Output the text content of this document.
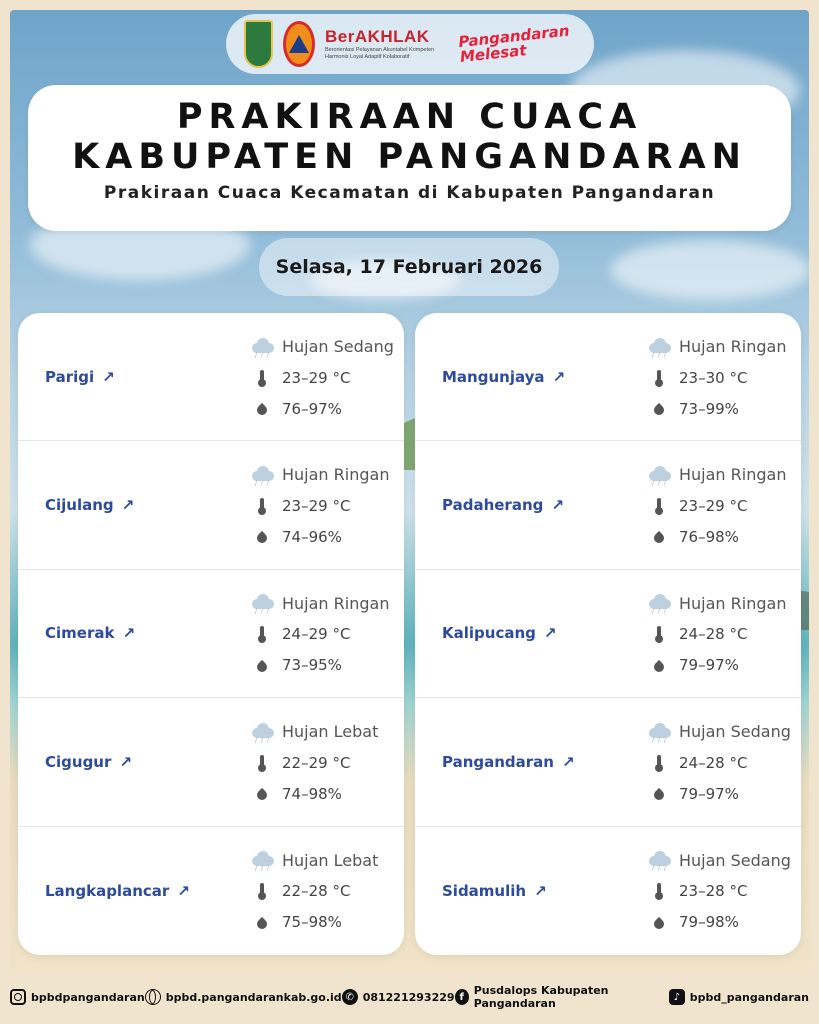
BerAKHLAK
Berorientasi Pelayanan Akuntabel Kompeten Harmonis Loyal Adaptif Kolaboratif
Pangandaran Melesat
PRAKIRAAN CUACA
KABUPATEN PANGANDARAN
Prakiraan Cuaca Kecamatan di Kabupaten Pangandaran
Selasa, 17 Februari 2026
Parigi ↗
/ / / Hujan Sedang
23–29 °C
76–97%
Cijulang ↗
/ / / Hujan Ringan
23–29 °C
74–96%
Cimerak ↗
/ / / Hujan Ringan
24–29 °C
73–95%
Cigugur ↗
/ / / Hujan Lebat
22–29 °C
74–98%
Langkaplancar ↗
/ / / Hujan Lebat
22–28 °C
75–98%
Mangunjaya ↗
/ / / Hujan Ringan
23–30 °C
73–99%
Padaherang ↗
/ / / Hujan Ringan
23–29 °C
76–98%
Kalipucang ↗
/ / / Hujan Ringan
24–28 °C
79–97%
Pangandaran ↗
/ / / Hujan Sedang
24–28 °C
79–97%
Sidamulih ↗
/ / / Hujan Sedang
23–28 °C
79–98%
bpbdpangandaran bpbd.pangandarankab.go.id ✆ 081221293229 f Pusdalops Kabupaten Pangandaran	♪ bpbd_pangandaran
